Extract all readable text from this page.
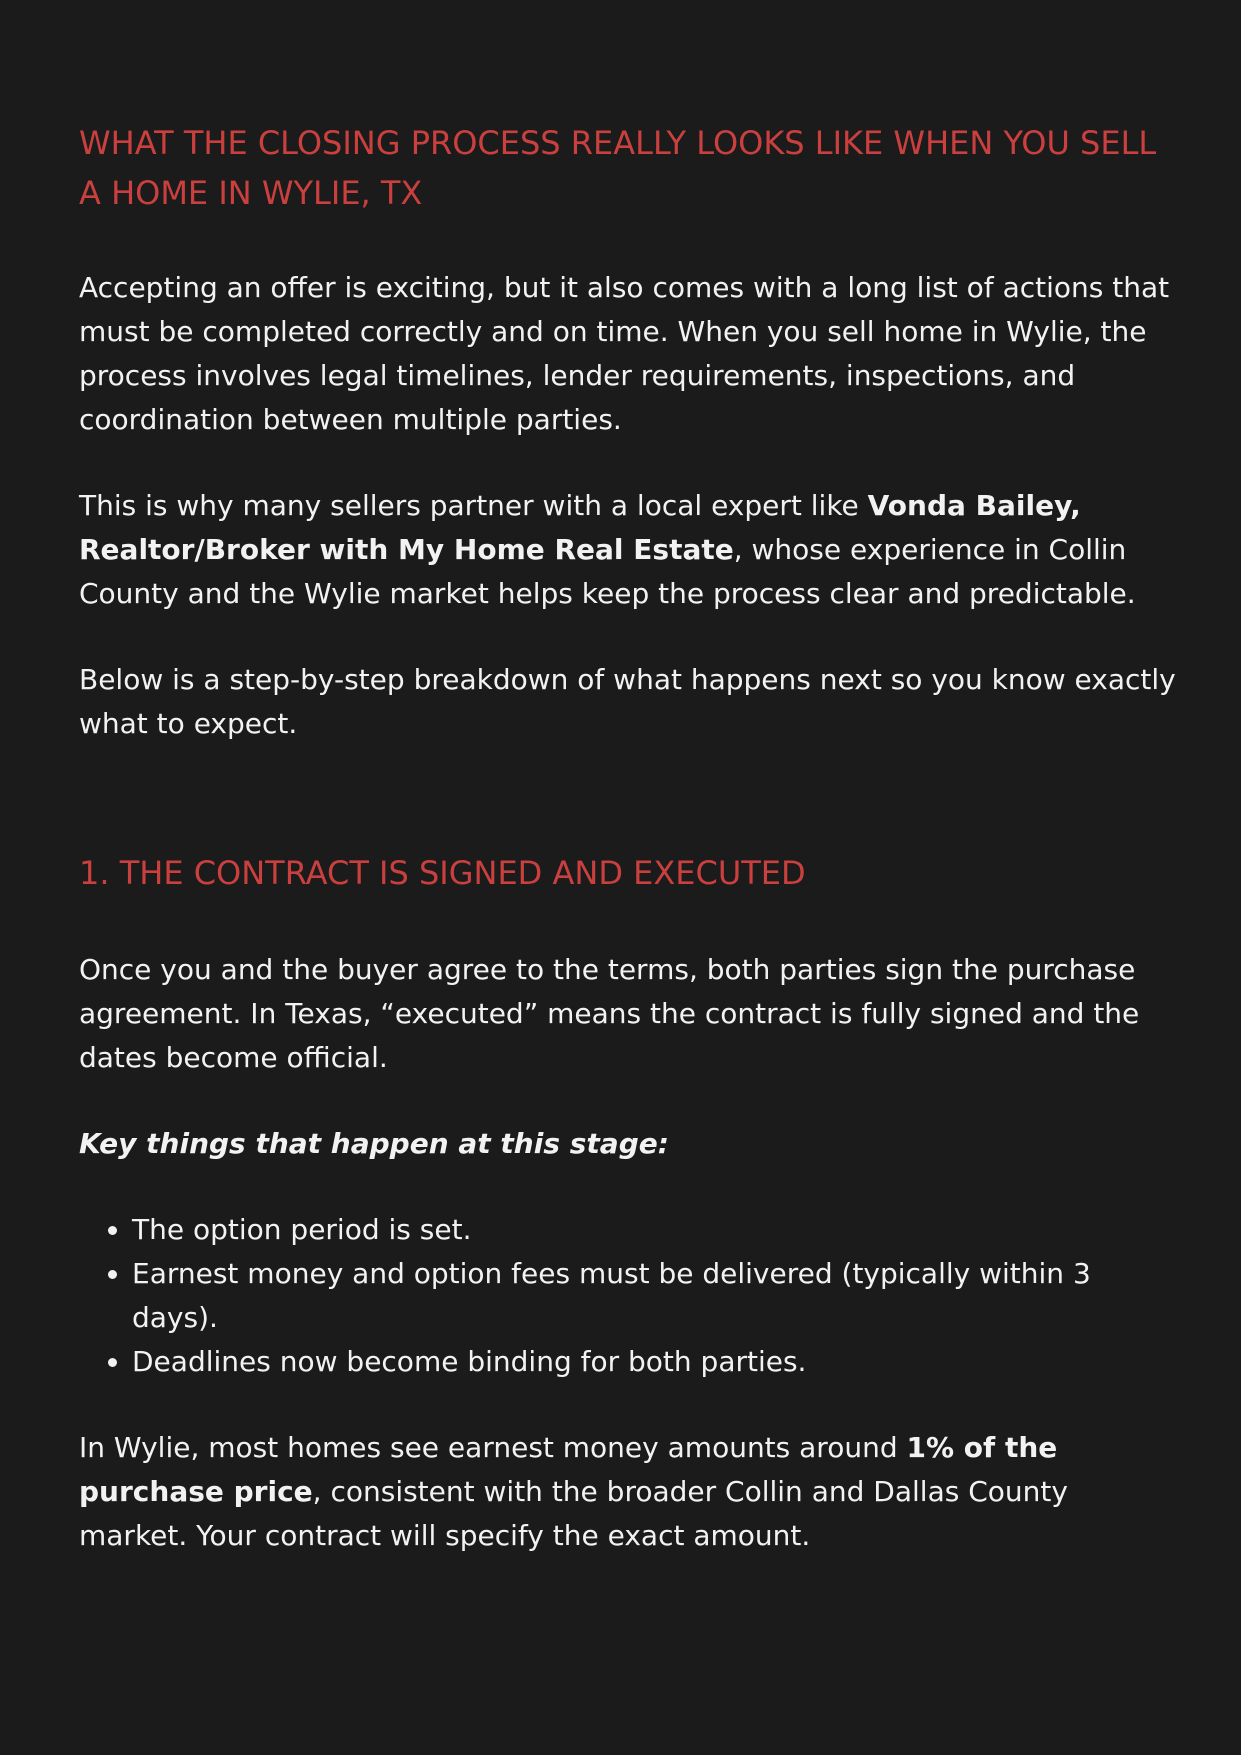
WHAT THE CLOSING PROCESS REALLY LOOKS LIKE WHEN YOU SELL A HOME IN WYLIE, TX

Accepting an offer is exciting, but it also comes with a long list of actions that must be completed correctly and on time. When you sell home in Wylie, the process involves legal timelines, lender requirements, inspections, and coordination between multiple parties.

This is why many sellers partner with a local expert like Vonda Bailey, Realtor/Broker with My Home Real Estate, whose experience in Collin County and the Wylie market helps keep the process clear and predictable.

Below is a step-by-step breakdown of what happens next so you know exactly what to expect.

1. THE CONTRACT IS SIGNED AND EXECUTED

Once you and the buyer agree to the terms, both parties sign the purchase agreement. In Texas, “executed” means the contract is fully signed and the dates become official.

Key things that happen at this stage:

• The option period is set.
• Earnest money and option fees must be delivered (typically within 3 days).
• Deadlines now become binding for both parties.

In Wylie, most homes see earnest money amounts around 1% of the purchase price, consistent with the broader Collin and Dallas County market. Your contract will specify the exact amount.
